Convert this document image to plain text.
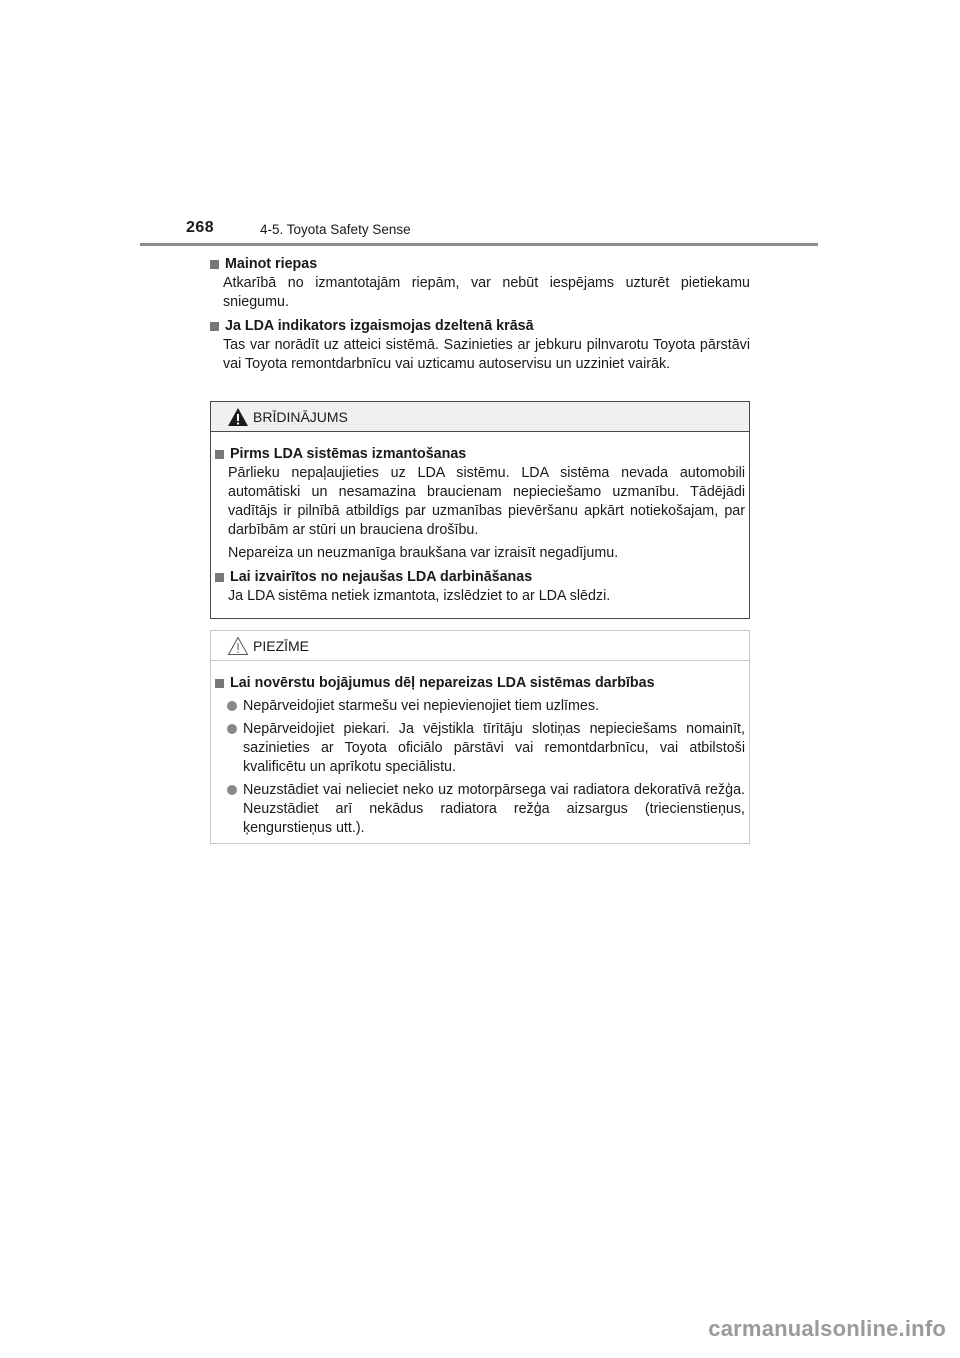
268	4-5. Toyota Safety Sense
Mainot riepas
Atkarībā no izmantotajām riepām, var nebūt iespējams uzturēt pietiekamu sniegumu.
Ja LDA indikators izgaismojas dzeltenā krāsā
Tas var norādīt uz atteici sistēmā. Sazinieties ar jebkuru pilnvarotu Toyota pārstāvi vai Toyota remontdarbnīcu vai uzticamu autoservisu un uzziniet vairāk.
BRĪDINĀJUMS
Pirms LDA sistēmas izmantošanas
Pārlieku nepaļaujieties uz LDA sistēmu. LDA sistēma nevada automobili automātiski un nesamazina braucienam nepieciešamo uzmanību. Tādējādi vadītājs ir pilnībā atbildīgs par uzmanības pievēršanu apkārt notiekošajam, par darbībām ar stūri un brauciena drošību.
Nepareiza un neuzmanīga braukšana var izraisīt negadījumu.
Lai izvairītos no nejaušas LDA darbināšanas
Ja LDA sistēma netiek izmantota, izslēdziet to ar LDA slēdzi.
PIEZĪME
Lai novērstu bojājumus dēļ nepareizas LDA sistēmas darbības
Nepārveidojiet starmešu vei nepievienojiet tiem uzlīmes.
Nepārveidojiet piekari. Ja vējstikla tīrītāju slotiņas nepieciešams nomainīt, sazinieties ar Toyota oficiālo pārstāvi vai remontdarbnīcu, vai atbilstoši kvalificētu un aprīkotu speciālistu.
Neuzstādiet vai nelieciet neko uz motorpārsega vai radiatora dekoratīvā režģa. Neuzstādiet arī nekādus radiatora režģa aizsargus (triecienstieņus, ķengurstieņus utt.).
carmanualsonline.info
